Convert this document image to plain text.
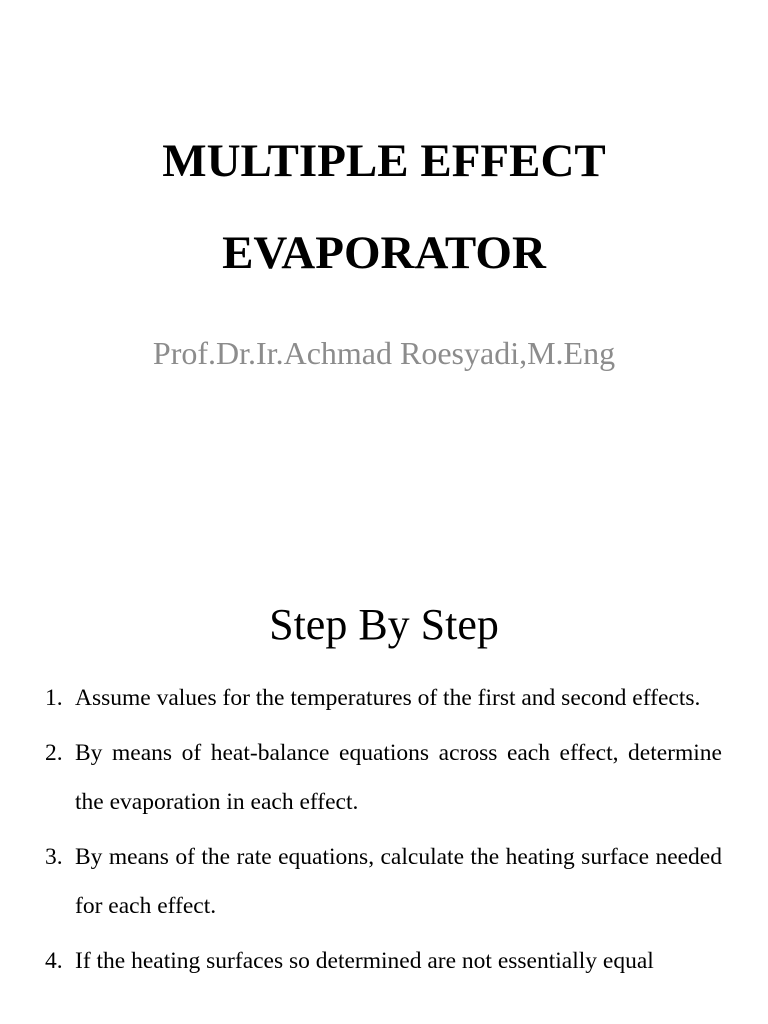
MULTIPLE EFFECT
EVAPORATOR
Prof.Dr.Ir.Achmad Roesyadi,M.Eng
Step By Step
1. Assume values for the temperatures of the first and second effects.
2. By means of heat-balance equations across each effect, determine the evaporation in each effect.
3. By means of the rate equations, calculate the heating surface needed for each effect.
4. If the heating surfaces so determined are not essentially equal
